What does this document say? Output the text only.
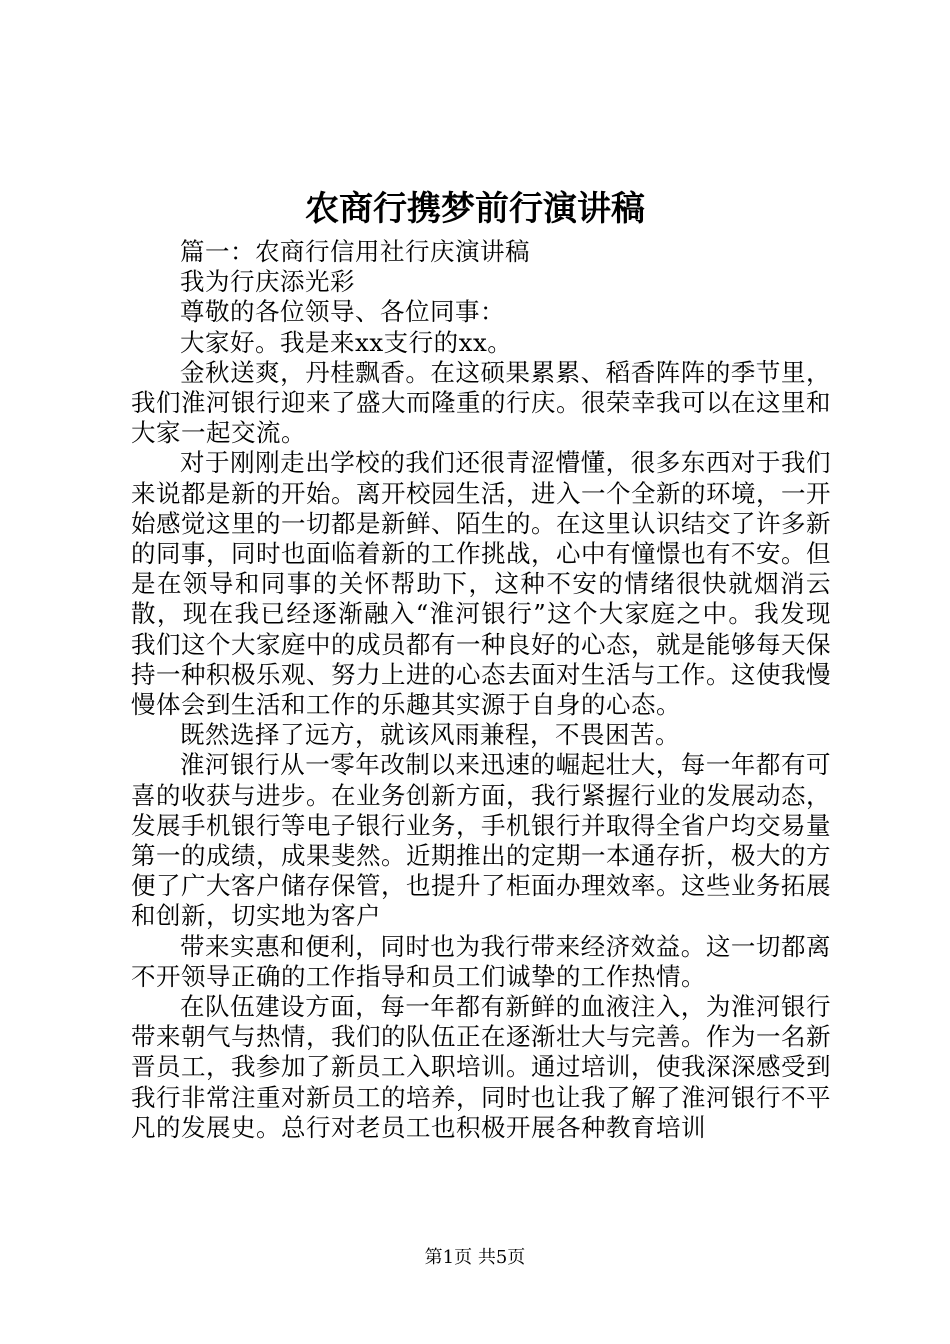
农商行携梦前行演讲稿

篇一：农商行信用社行庆演讲稿

我为行庆添光彩

尊敬的各位领导、各位同事：

大家好。我是来xx支行的xx。

金秋送爽，丹桂飘香。在这硕果累累、稻香阵阵的季节里，我们淮河银行迎来了盛大而隆重的行庆。很荣幸我可以在这里和大家一起交流。

对于刚刚走出学校的我们还很青涩懵懂，很多东西对于我们来说都是新的开始。离开校园生活，进入一个全新的环境，一开始感觉这里的一切都是新鲜、陌生的。在这里认识结交了许多新的同事，同时也面临着新的工作挑战，心中有憧憬也有不安。但是在领导和同事的关怀帮助下，这种不安的情绪很快就烟消云散，现在我已经逐渐融入“淮河银行”这个大家庭之中。我发现我们这个大家庭中的成员都有一种良好的心态，就是能够每天保持一种积极乐观、努力上进的心态去面对生活与工作。这使我慢慢体会到生活和工作的乐趣其实源于自身的心态。

既然选择了远方，就该风雨兼程，不畏困苦。

淮河银行从一零年改制以来迅速的崛起壮大，每一年都有可喜的收获与进步。在业务创新方面，我行紧握行业的发展动态，发展手机银行等电子银行业务，手机银行并取得全省户均交易量第一的成绩，成果斐然。近期推出的定期一本通存折，极大的方便了广大客户储存保管，也提升了柜面办理效率。这些业务拓展和创新，切实地为客户

带来实惠和便利，同时也为我行带来经济效益。这一切都离不开领导正确的工作指导和员工们诚挚的工作热情。

在队伍建设方面，每一年都有新鲜的血液注入，为淮河银行带来朝气与热情，我们的队伍正在逐渐壮大与完善。作为一名新晋员工，我参加了新员工入职培训。通过培训，使我深深感受到我行非常注重对新员工的培养，同时也让我了解了淮河银行不平凡的发展史。总行对老员工也积极开展各种教育培训

第1页 共5页
